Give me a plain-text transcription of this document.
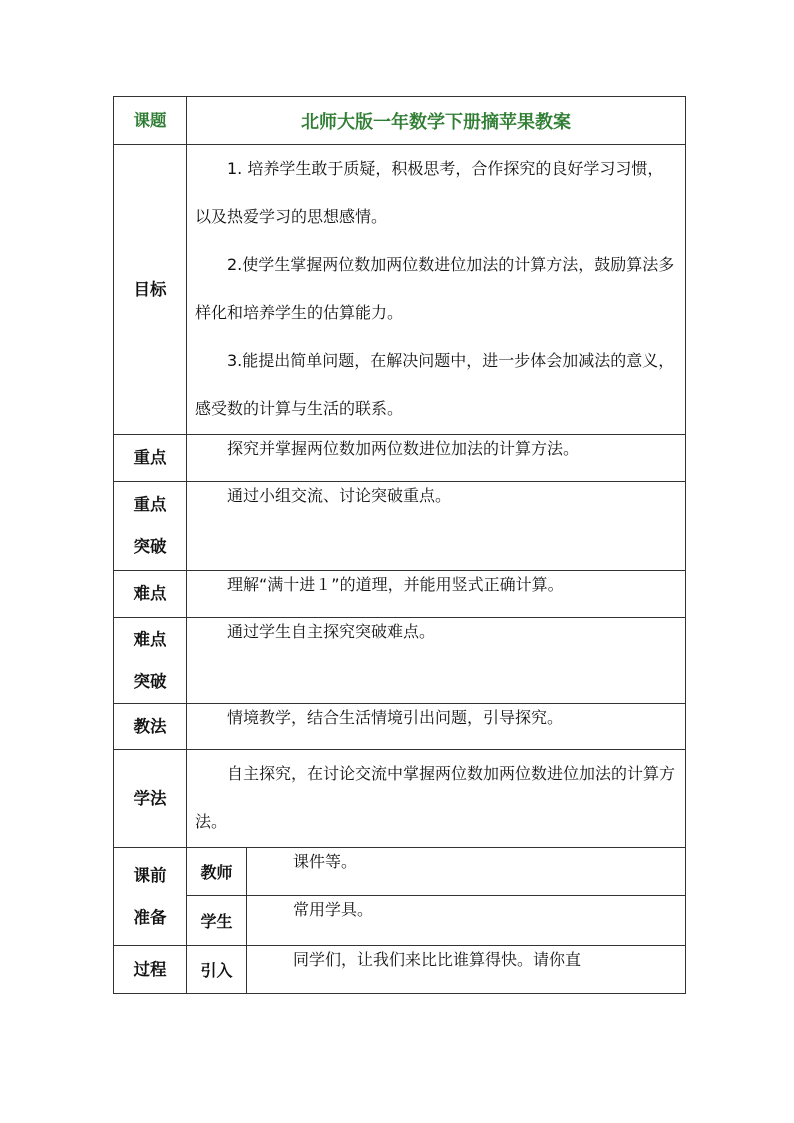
课题	北师大版一年数学下册摘苹果教案	
目标	1. 培养学生敢于质疑，积极思考，合作探究的良好学习习惯，以及热爱学习的思想感情。

2.使学生掌握两位数加两位数进位加法的计算方法，鼓励算法多样化和培养学生的估算能力。

3.能提出简单问题，在解决问题中，进一步体会加减法的意义，感受数的计算与生活的联系。	

重点	探究并掌握两位数加两位数进位加法的计算方法。	

重点
突破	通过小组交流、讨论突破重点。	

难点	理解“满十进１”的道理，并能用竖式正确计算。	

难点
突破	通过学生自主探究突破难点。	

教法	情境教学，结合生活情境引出问题，引导探究。	

学法	自主探究，在讨论交流中掌握两位数加两位数进位加法的计算方法。	

课前
准备	教师	课件等。
	学生	常用学具。
过程	引入	同学们，让我们来比比谁算得快。请你直
